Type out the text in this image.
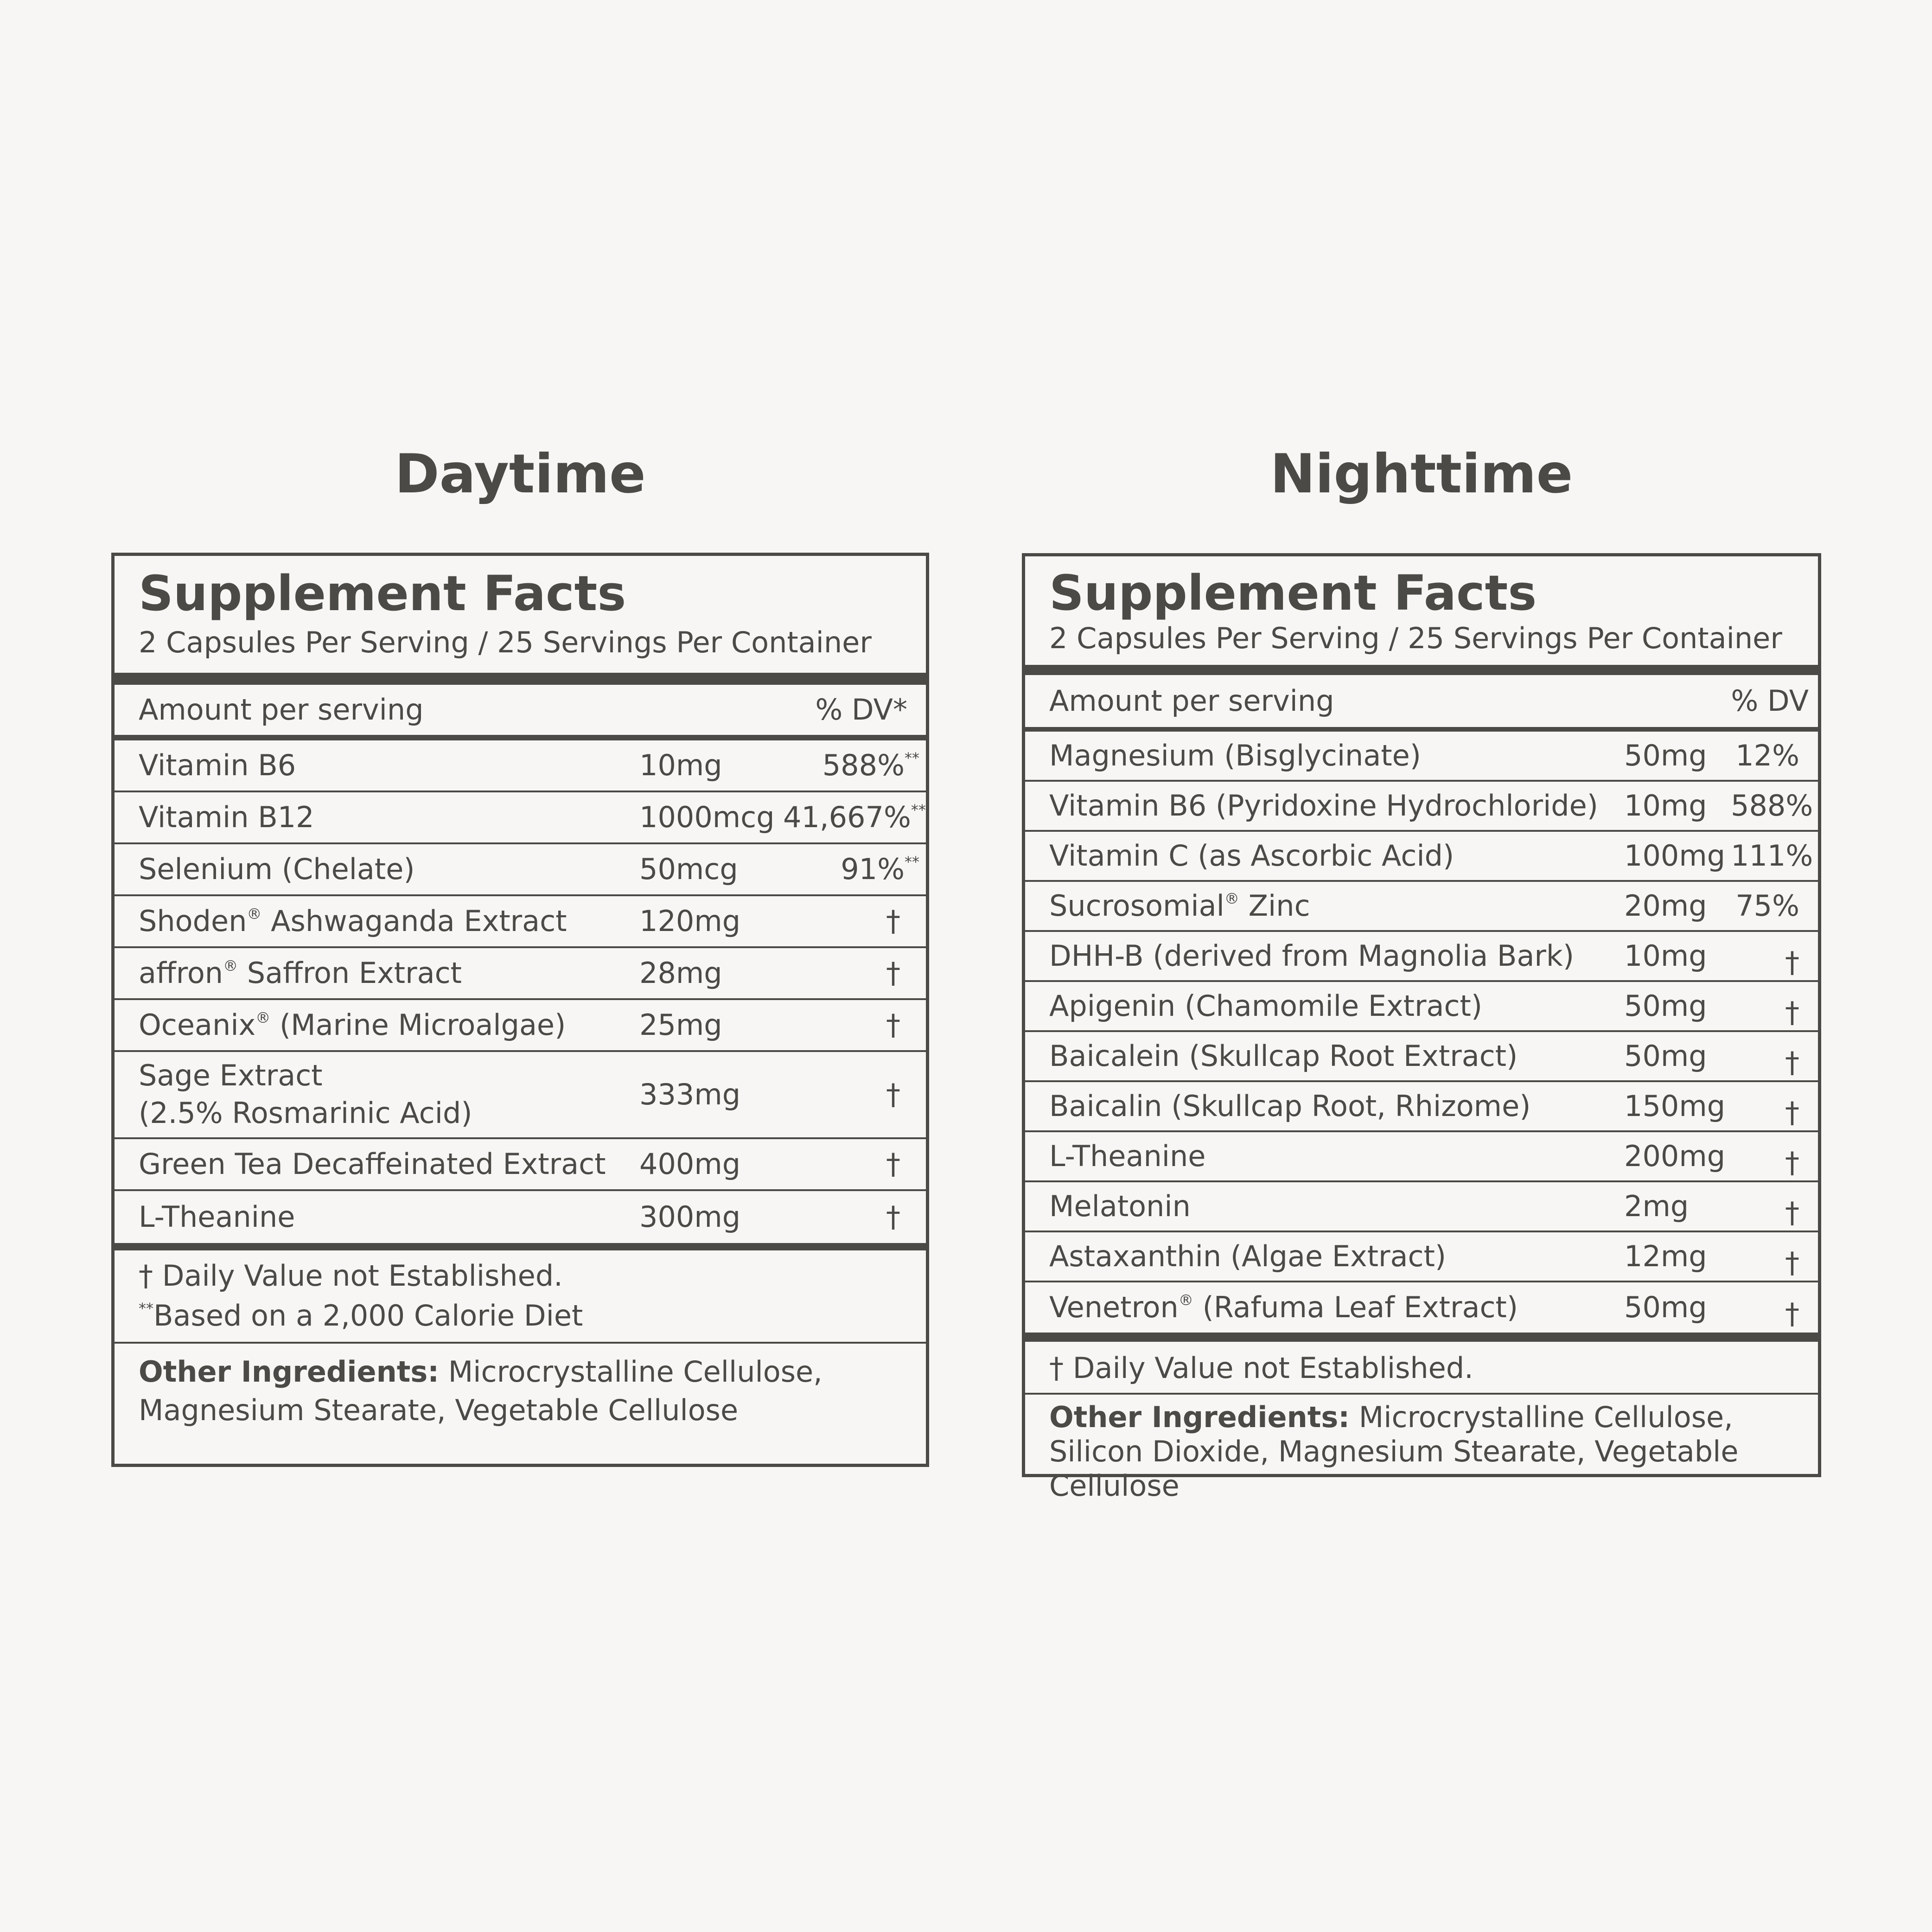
Daytime	Nighttime
Supplement Facts
2 Capsules Per Serving / 25 Servings Per Container
Amount per serving	% DV*
Vitamin B6	10mg	588%**
Vitamin B12	1000mcg 41,667%**
Selenium (Chelate)	50mcg	91%**
Shoden® Ashwaganda Extract	120mg	†
affron® Saffron Extract	28mg	†
Oceanix® (Marine Microalgae)	25mg	†
Sage Extract
(2.5% Rosmarinic Acid)
333mg	†
Green Tea Decaffeinated Extract	400mg	†
L-Theanine	300mg	†
† Daily Value not Established.
**Based on a 2,000 Calorie Diet
Other Ingredients: Microcrystalline Cellulose, Magnesium Stearate, Vegetable Cellulose
Supplement Facts
2 Capsules Per Serving / 25 Servings Per Container
Amount per serving	% DV
Magnesium (Bisglycinate)	50mg 12%
Vitamin B6 (Pyridoxine Hydrochloride) 10mg 588%
Vitamin C (as Ascorbic Acid)	100mg 111%
Sucrosomial® Zinc	20mg 75%
DHH-B (derived from Magnolia Bark)	10mg	†
Apigenin (Chamomile Extract)	50mg	†
Baicalein (Skullcap Root Extract)	50mg	†
Baicalin (Skullcap Root, Rhizome)	150mg	†
L-Theanine	200mg	†
Melatonin	2mg	†
Astaxanthin (Algae Extract)	12mg	†
Venetron® (Rafuma Leaf Extract)	50mg	†
† Daily Value not Established.
Other Ingredients: Microcrystalline Cellulose, Silicon Dioxide, Magnesium Stearate, Vegetable Cellulose
